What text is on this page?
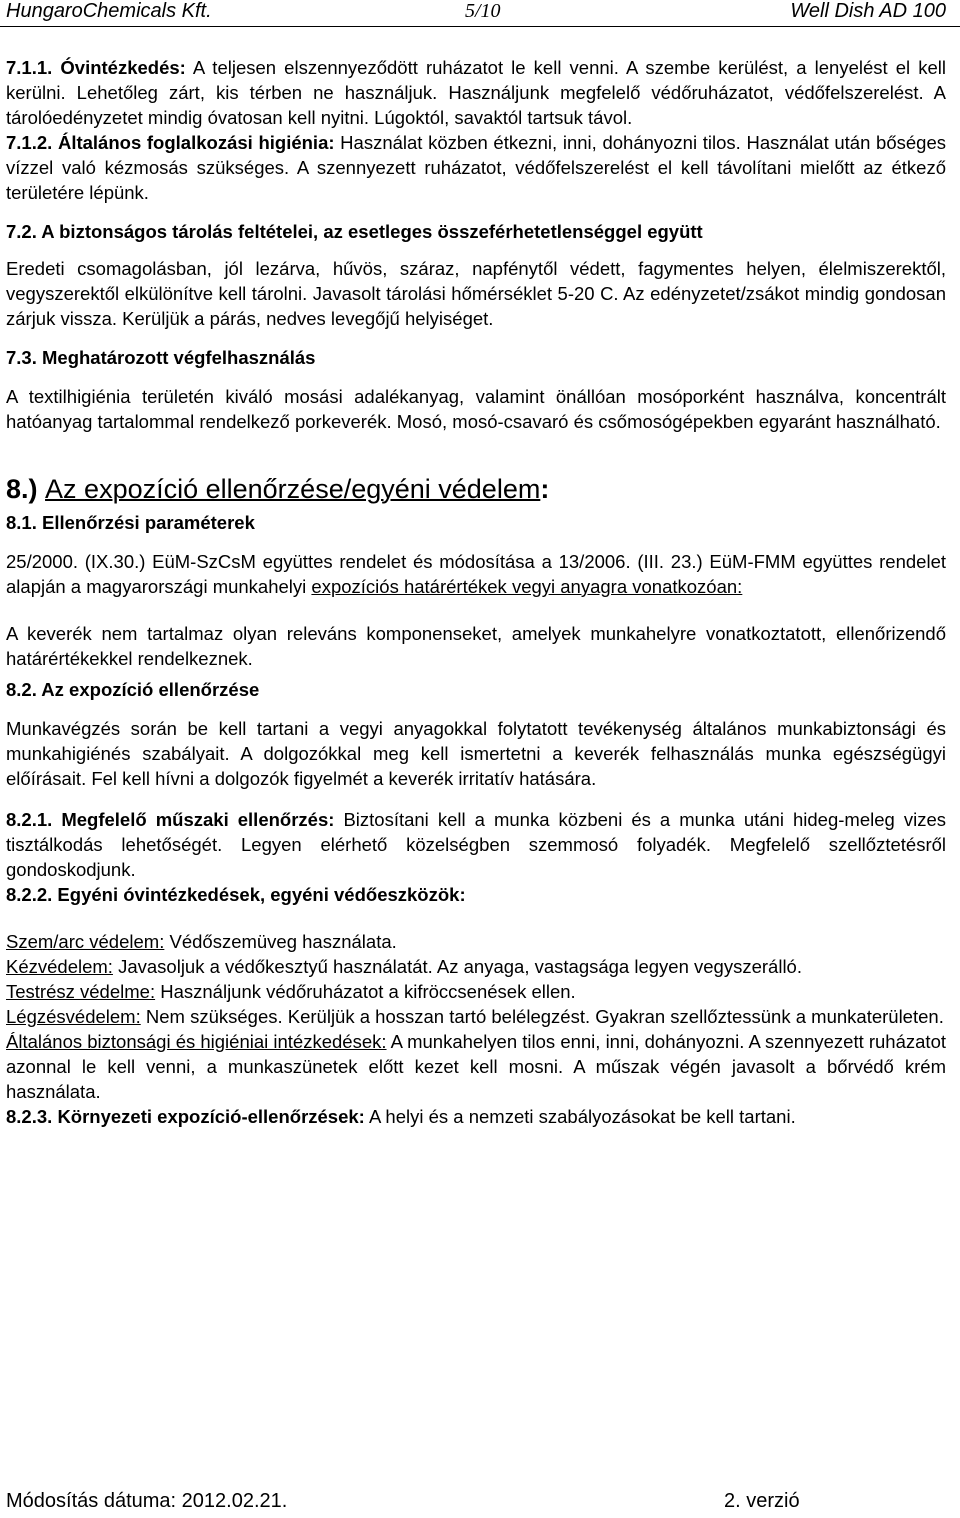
HungaroChemicals Kft.	5/10	Well Dish AD 100

7.1.1. Óvintézkedés: A teljesen elszennyeződött ruházatot le kell venni. A szembe kerülést, a lenyelést el kell kerülni. Lehetőleg zárt, kis térben ne használjuk. Használjunk megfelelő védőruházatot, védőfelszerelést. A tárolóedényzetet mindig óvatosan kell nyitni. Lúgoktól, savaktól tartsuk távol.

7.1.2. Általános foglalkozási higiénia: Használat közben étkezni, inni, dohányozni tilos. Használat után bőséges vízzel való kézmosás szükséges. A szennyezett ruházatot, védőfelszerelést el kell távolítani mielőtt az étkező területére lépünk.

7.2. A biztonságos tárolás feltételei, az esetleges összeférhetetlenséggel együtt

Eredeti csomagolásban, jól lezárva, hűvös, száraz, napfénytől védett, fagymentes helyen, élelmiszerektől, vegyszerektől elkülönítve kell tárolni. Javasolt tárolási hőmérséklet 5-20 C. Az edényzetet/zsákot mindig gondosan zárjuk vissza. Kerüljük a párás, nedves levegőjű helyiséget.

7.3. Meghatározott végfelhasználás

A textilhigiénia területén kiváló mosási adalékanyag, valamint önállóan mosóporként használva, koncentrált hatóanyag tartalommal rendelkező porkeverék. Mosó, mosó-csavaró és csőmosógépekben egyaránt használható.

8.) Az expozíció ellenőrzése/egyéni védelem:

8.1. Ellenőrzési paraméterek

25/2000. (IX.30.) EüM-SzCsM együttes rendelet és módosítása a 13/2006. (III. 23.) EüM-FMM együttes rendelet alapján a magyarországi munkahelyi expozíciós határértékek vegyi anyagra vonatkozóan:

A keverék nem tartalmaz olyan releváns komponenseket, amelyek munkahelyre vonatkoztatott, ellenőrizendő határértékekkel rendelkeznek.

8.2. Az expozíció ellenőrzése

Munkavégzés során be kell tartani a vegyi anyagokkal folytatott tevékenység általános munkabiztonsági és munkahigiénés szabályait. A dolgozókkal meg kell ismertetni a keverék felhasználás munka egészségügyi előírásait. Fel kell hívni a dolgozók figyelmét a keverék irritatív hatására.

8.2.1. Megfelelő műszaki ellenőrzés: Biztosítani kell a munka közbeni és a munka utáni hideg-meleg vizes tisztálkodás lehetőségét. Legyen elérhető közelségben szemmosó folyadék. Megfelelő szellőztetésről gondoskodjunk.

8.2.2. Egyéni óvintézkedések, egyéni védőeszközök:

Szem/arc védelem: Védőszemüveg használata.

Kézvédelem: Javasoljuk a védőkesztyű használatát. Az anyaga, vastagsága legyen vegyszerálló.

Testrész védelme: Használjunk védőruházatot a kifröccsenések ellen.

Légzésvédelem: Nem szükséges. Kerüljük a hosszan tartó belélegzést. Gyakran szellőztessünk a munkaterületen.

Általános biztonsági és higiéniai intézkedések: A munkahelyen tilos enni, inni, dohányozni. A szennyezett ruházatot azonnal le kell venni, a munkaszünetek előtt kezet kell mosni. A műszak végén javasolt a bőrvédő krém használata.

8.2.3. Környezeti expozíció-ellenőrzések: A helyi és a nemzeti szabályozásokat be kell tartani.

Módosítás dátuma: 2012.02.21.	2. verzió
